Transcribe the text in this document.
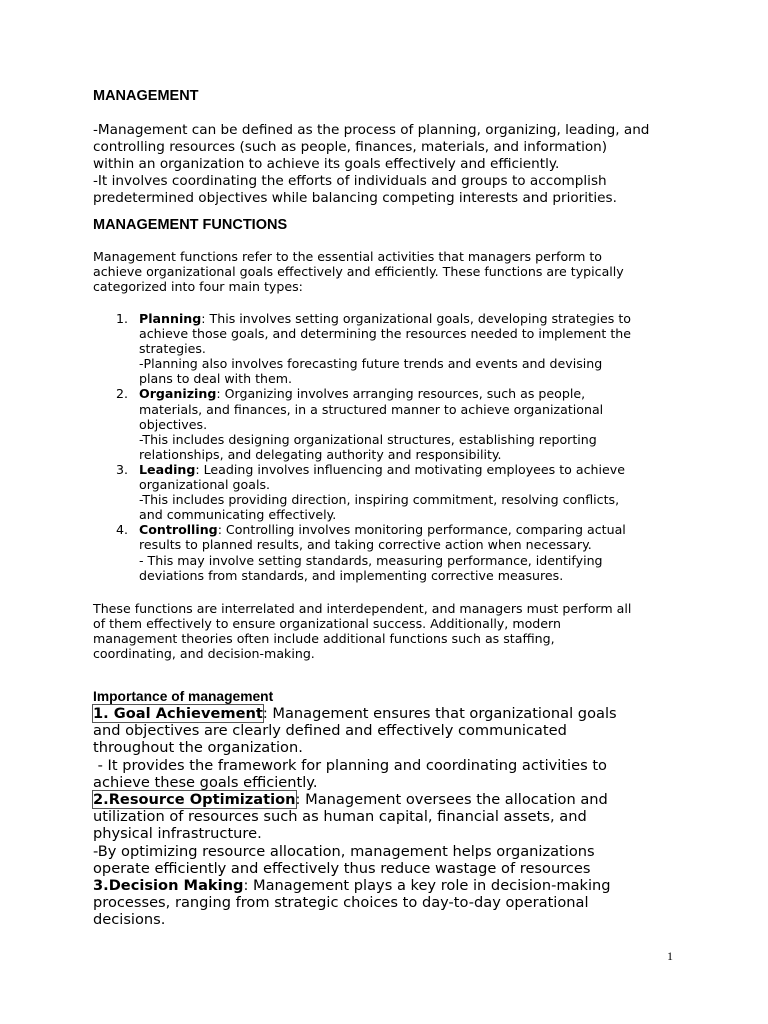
MANAGEMENT
-Management can be defined as the process of planning, organizing, leading, and
controlling resources (such as people, finances, materials, and information)
within an organization to achieve its goals effectively and efficiently.
-It involves coordinating the efforts of individuals and groups to accomplish
predetermined objectives while balancing competing interests and priorities.
MANAGEMENT FUNCTIONS
Management functions refer to the essential activities that managers perform to
achieve organizational goals effectively and efficiently. These functions are typically
categorized into four main types:
1. Planning: This involves setting organizational goals, developing strategies to
achieve those goals, and determining the resources needed to implement the
strategies.
-Planning also involves forecasting future trends and events and devising
plans to deal with them.
2. Organizing: Organizing involves arranging resources, such as people,
materials, and finances, in a structured manner to achieve organizational
objectives.
-This includes designing organizational structures, establishing reporting
relationships, and delegating authority and responsibility.
3. Leading: Leading involves influencing and motivating employees to achieve
organizational goals.
-This includes providing direction, inspiring commitment, resolving conflicts,
and communicating effectively.
4. Controlling: Controlling involves monitoring performance, comparing actual
results to planned results, and taking corrective action when necessary.
- This may involve setting standards, measuring performance, identifying
deviations from standards, and implementing corrective measures.
These functions are interrelated and interdependent, and managers must perform all
of them effectively to ensure organizational success. Additionally, modern
management theories often include additional functions such as staffing,
coordinating, and decision-making.
Importance of management
1. Goal Achievement: Management ensures that organizational goals
and objectives are clearly defined and effectively communicated
throughout the organization.
- It provides the framework for planning and coordinating activities to
achieve these goals efficiently.
2.Resource Optimization: Management oversees the allocation and
utilization of resources such as human capital, financial assets, and
physical infrastructure.
-By optimizing resource allocation, management helps organizations
operate efficiently and effectively thus reduce wastage of resources
3.Decision Making: Management plays a key role in decision-making
processes, ranging from strategic choices to day-to-day operational
decisions.
1
